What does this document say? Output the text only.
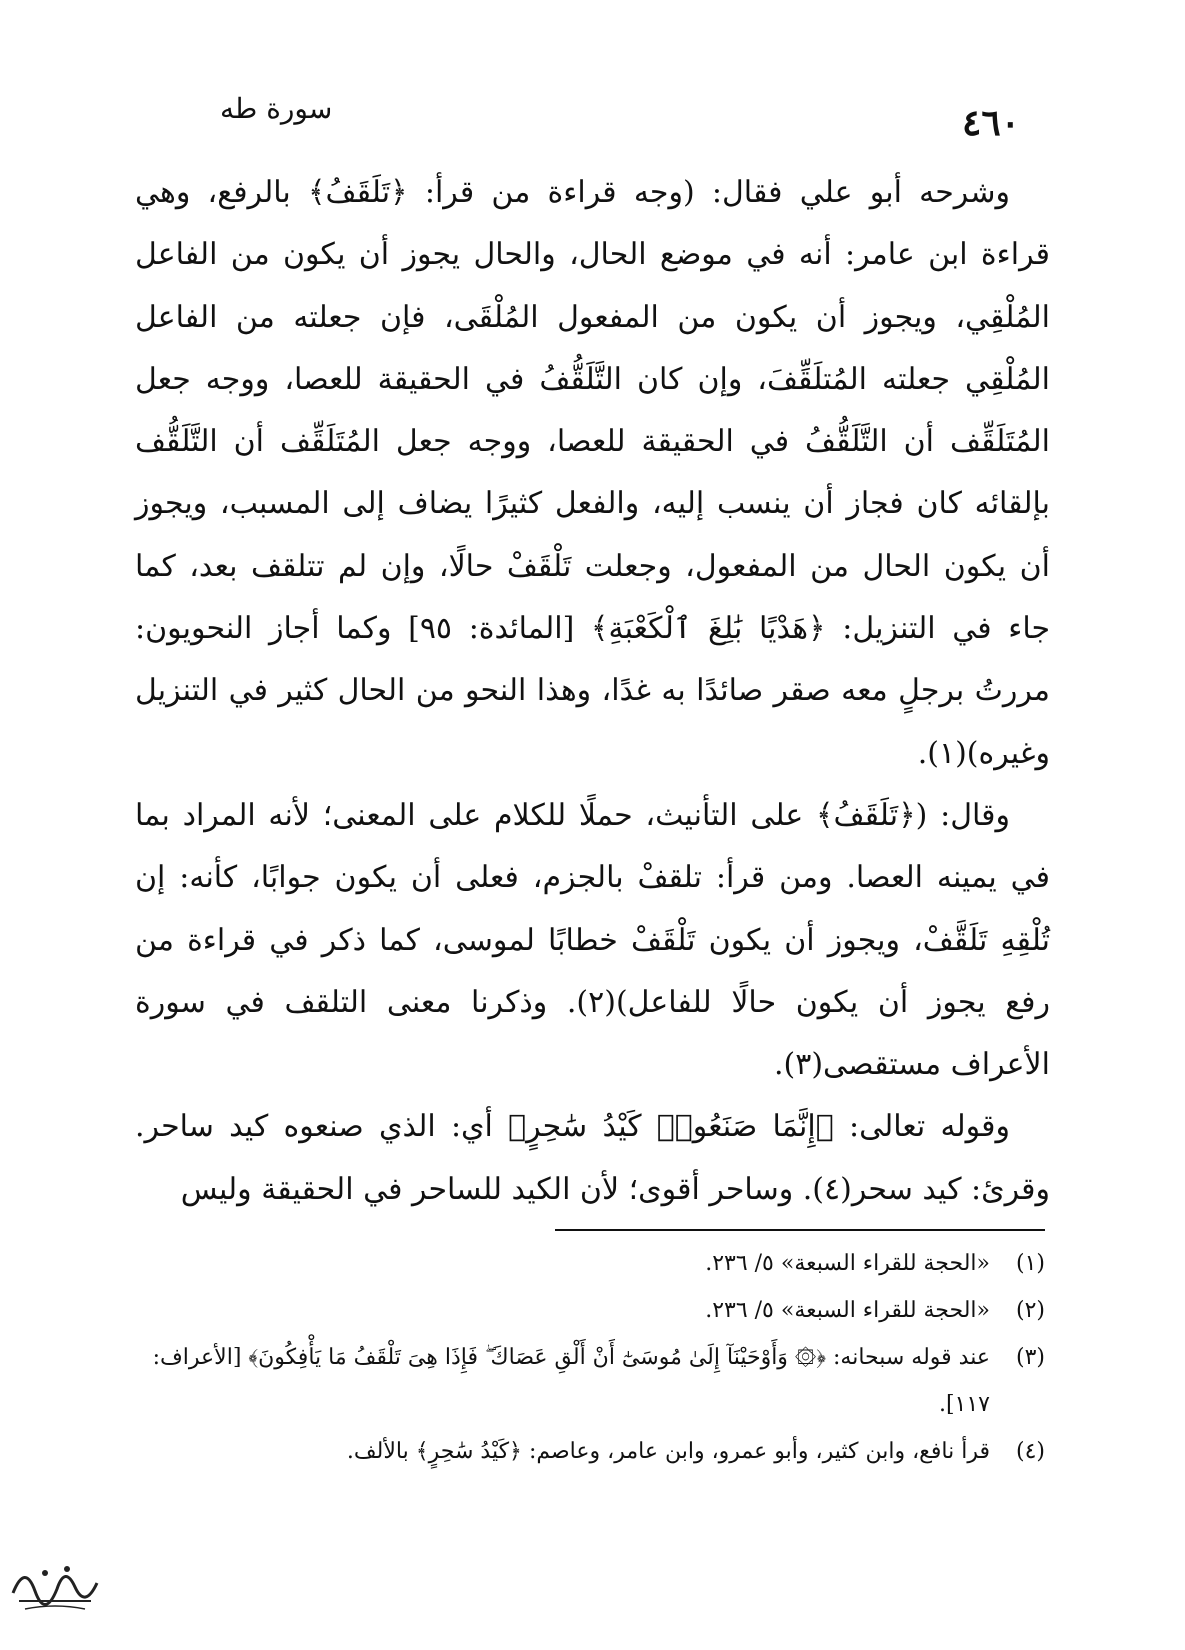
سورة طه	٤٦٠

وشرحه أبو علي فقال: (وجه قراءة من قرأ: ﴿تَلَقَفُ﴾ بالرفع، وهي قراءة ابن عامر: أنه في موضع الحال، والحال يجوز أن يكون من الفاعل المُلْقِي، ويجوز أن يكون من المفعول المُلْقَى، فإن جعلته من الفاعل المُلْقِي جعلته المُتلَقِّفَ، وإن كان التَّلَقُّفُ في الحقيقة للعصا، ووجه جعل المُتَلَقِّف أن التَّلَقُّفُ في الحقيقة للعصا، ووجه جعل المُتَلَقِّف أن التَّلَقُّف بإلقائه كان فجاز أن ينسب إليه، والفعل كثيرًا يضاف إلى المسبب، ويجوز أن يكون الحال من المفعول، وجعلت تَلْقَفْ حالًا، وإن لم تتلقف بعد، كما جاء في التنزيل: ﴿هَدْيًا بَٰلِغَ ٱلْكَعْبَةِ﴾ [المائدة: ٩٥] وكما أجاز النحويون: مررتُ برجلٍ معه صقر صائدًا به غدًا، وهذا النحو من الحال كثير في التنزيل وغيره)(١).

وقال: (﴿تَلَقَفُ﴾ على التأنيث، حملًا للكلام على المعنى؛ لأنه المراد بما في يمينه العصا. ومن قرأ: تلقفْ بالجزم، فعلى أن يكون جوابًا، كأنه: إن تُلْقِهِ تَلَقَّفْ، ويجوز أن يكون تَلْقَفْ خطابًا لموسى، كما ذكر في قراءة من رفع يجوز أن يكون حالًا للفاعل)(٢). وذكرنا معنى التلقف في سورة الأعراف مستقصى(٣).

وقوله تعالى: ﴿إِنَّمَا صَنَعُوا۟ كَيْدُ سَٰحِرٍ﴾ أي: الذي صنعوه كيد ساحر. وقرئ: كيد سحر(٤). وساحر أقوى؛ لأن الكيد للساحر في الحقيقة وليس

(١)
«الحجة للقراء السبعة» ٥/ ٢٣٦.

(٢)
«الحجة للقراء السبعة» ٥/ ٢٣٦.

(٣)
عند قوله سبحانه: ﴿۞ وَأَوْحَيْنَآ إِلَىٰ مُوسَىٰٓ أَنْ أَلْقِ عَصَاكَ ۖ فَإِذَا هِىَ تَلْقَفُ مَا يَأْفِكُونَ﴾ [الأعراف: ١١٧].

(٤)
قرأ نافع، وابن كثير، وأبو عمرو، وابن عامر، وعاصم: ﴿كَيْدُ سَٰحِرٍ﴾ بالألف.
